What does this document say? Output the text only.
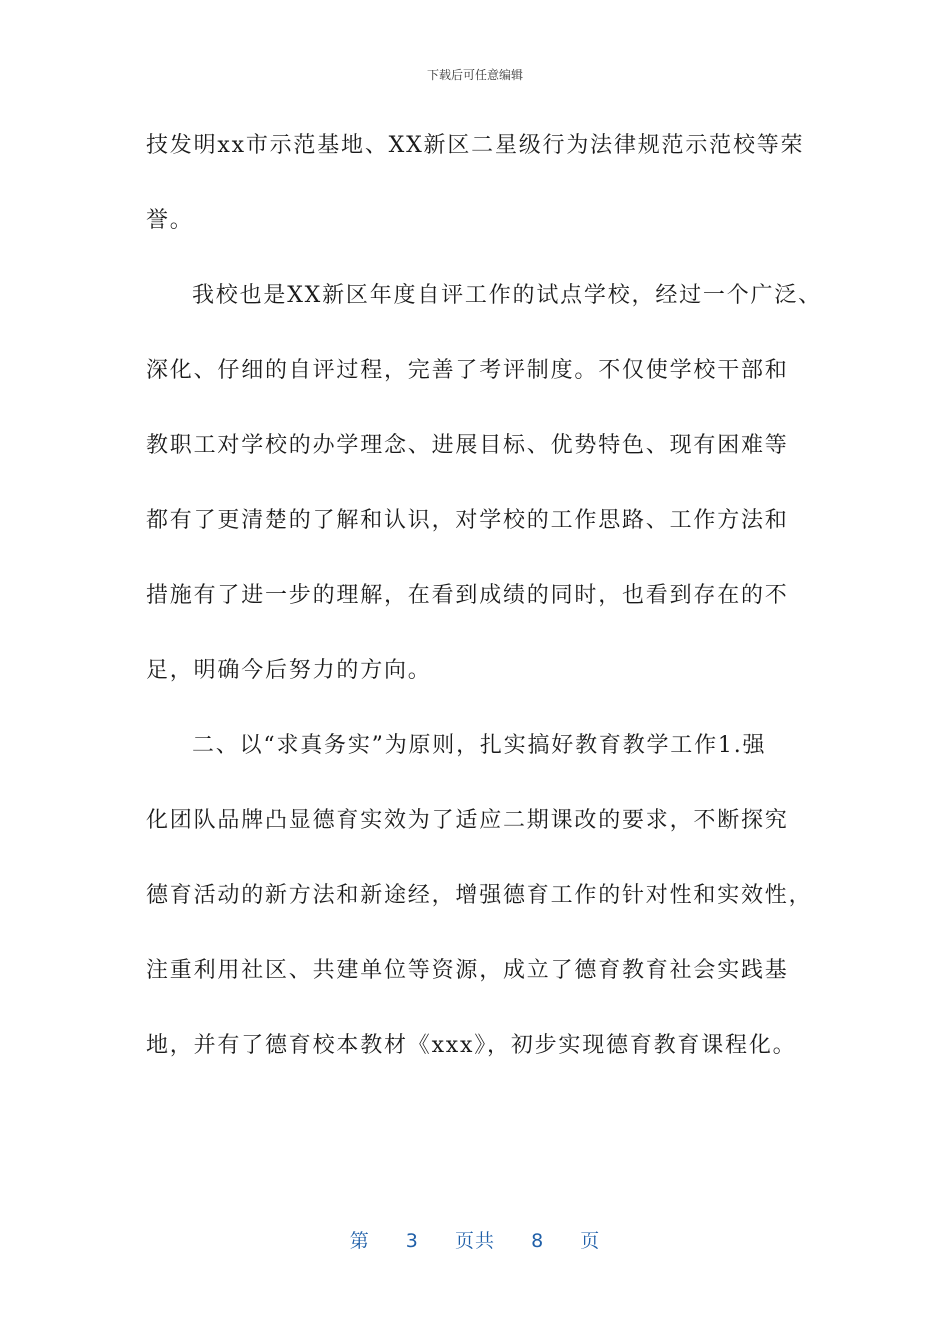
下载后可任意编辑
技发明xx市示范基地、XX新区二星级行为法律规范示范校等荣
誉。
我校也是XX新区年度自评工作的试点学校，经过一个广泛、
深化、仔细的自评过程，完善了考评制度。不仅使学校干部和
教职工对学校的办学理念、进展目标、优势特色、现有困难等
都有了更清楚的了解和认识，对学校的工作思路、工作方法和
措施有了进一步的理解，在看到成绩的同时，也看到存在的不
足，明确今后努力的方向。
二、以“求真务实”为原则，扎实搞好教育教学工作1.强
化团队品牌凸显德育实效为了适应二期课改的要求，不断探究
德育活动的新方法和新途经，增强德育工作的针对性和实效性，
注重利用社区、共建单位等资源，成立了德育教育社会实践基
地，并有了德育校本教材《xxx》，初步实现德育教育课程化。
第 3 页共 8 页
